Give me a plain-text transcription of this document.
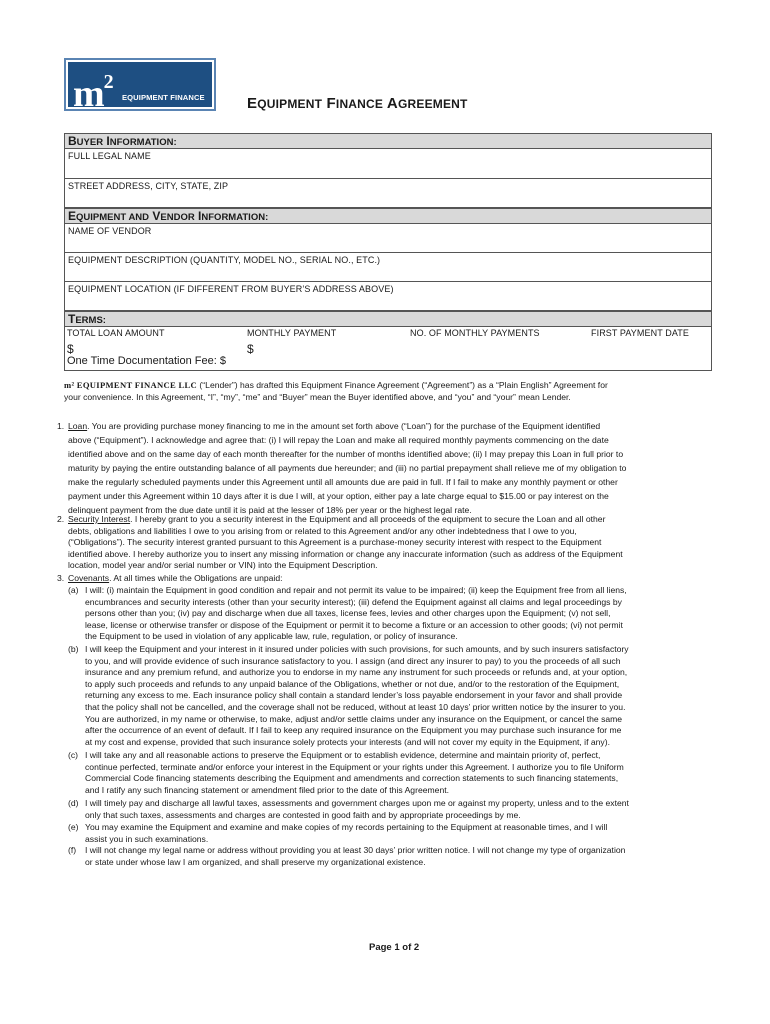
$m^2$
EQUIPMENT FINANCE	EQUIPMENT FINANCE AGREEMENT
BUYER INFORMATION:
FULL LEGAL NAME
STREET ADDRESS, CITY, STATE, ZIP
EQUIPMENT AND VENDOR INFORMATION:
NAME OF VENDOR
EQUIPMENT DESCRIPTION (QUANTITY, MODEL NO., SERIAL NO., ETC.)
EQUIPMENT LOCATION (IF DIFFERENT FROM BUYER’S ADDRESS ABOVE)
TERMS:
TOTAL LOAN AMOUNT	MONTHLY PAYMENT	NO. OF MONTHLY PAYMENTS	FIRST PAYMENT DATE
$	$
One Time Documentation Fee: $
m² EQUIPMENT FINANCE LLC (“Lender”) has drafted this Equipment Finance Agreement (“Agreement”) as a “Plain English” Agreement for
your convenience. In this Agreement, “I”, “my”, “me” and “Buyer” mean the Buyer identified above, and “you” and “your” mean Lender.
1. Loan. You are providing purchase money financing to me in the amount set forth above (“Loan”) for the purchase of the Equipment identified
above (“Equipment”). I acknowledge and agree that: (i) I will repay the Loan and make all required monthly payments commencing on the date
identified above and on the same day of each month thereafter for the number of months identified above; (ii) I may prepay this Loan in full prior to
maturity by paying the entire outstanding balance of all payments due hereunder; and (iii) no partial prepayment shall relieve me of my obligation to
make the regularly scheduled payments under this Agreement until all amounts due are paid in full. If I fail to make any monthly payment or other
payment under this Agreement within 10 days after it is due I will, at your option, either pay a late charge equal to $15.00 or pay interest on the
delinquent payment from the due date until it is paid at the lesser of 18% per year or the highest legal rate.
2. Security Interest. I hereby grant to you a security interest in the Equipment and all proceeds of the equipment to secure the Loan and all other
debts, obligations and liabilities I owe to you arising from or related to this Agreement and/or any other indebtedness that I owe to you,
(“Obligations”). The security interest granted pursuant to this Agreement is a purchase-money security interest with respect to the Equipment
identified above. I hereby authorize you to insert any missing information or change any inaccurate information (such as address of the Equipment
location, model year and/or serial number or VIN) into the Equipment Description.
3. Covenants. At all times while the Obligations are unpaid:
(a) I will: (i) maintain the Equipment in good condition and repair and not permit its value to be impaired; (ii) keep the Equipment free from all liens,
encumbrances and security interests (other than your security interest); (iii) defend the Equipment against all claims and legal proceedings by
persons other than you; (iv) pay and discharge when due all taxes, license fees, levies and other charges upon the Equipment; (v) not sell,
lease, license or otherwise transfer or dispose of the Equipment or permit it to become a fixture or an accession to other goods; (vi) not permit
the Equipment to be used in violation of any applicable law, rule, regulation, or policy of insurance.
(b) I will keep the Equipment and your interest in it insured under policies with such provisions, for such amounts, and by such insurers satisfactory
to you, and will provide evidence of such insurance satisfactory to you. I assign (and direct any insurer to pay) to you the proceeds of all such
insurance and any premium refund, and authorize you to endorse in my name any instrument for such proceeds or refunds and, at your option,
to apply such proceeds and refunds to any unpaid balance of the Obligations, whether or not due, and/or to the restoration of the Equipment,
returning any excess to me. Each insurance policy shall contain a standard lender’s loss payable endorsement in your favor and shall provide
that the policy shall not be cancelled, and the coverage shall not be reduced, without at least 10 days’ prior written notice by the insurer to you.
You are authorized, in my name or otherwise, to make, adjust and/or settle claims under any insurance on the Equipment, or cancel the same
after the occurrence of an event of default. If I fail to keep any required insurance on the Equipment you may purchase such insurance for me
at my cost and expense, provided that such insurance solely protects your interests (and will not cover my equity in the Equipment, if any).
(c) I will take any and all reasonable actions to preserve the Equipment or to establish evidence, determine and maintain priority of, perfect,
continue perfected, terminate and/or enforce your interest in the Equipment or your rights under this Agreement. I authorize you to file Uniform
Commercial Code financing statements describing the Equipment and amendments and correction statements to such financing statements,
and I ratify any such financing statement or amendment filed prior to the date of this Agreement.
(d) I will timely pay and discharge all lawful taxes, assessments and government charges upon me or against my property, unless and to the extent
only that such taxes, assessments and charges are contested in good faith and by appropriate proceedings by me.
(e) You may examine the Equipment and examine and make copies of my records pertaining to the Equipment at reasonable times, and I will
assist you in such examinations.
(f) I will not change my legal name or address without providing you at least 30 days’ prior written notice. I will not change my type of organization
or state under whose law I am organized, and shall preserve my organizational existence.
Page 1 of 2
